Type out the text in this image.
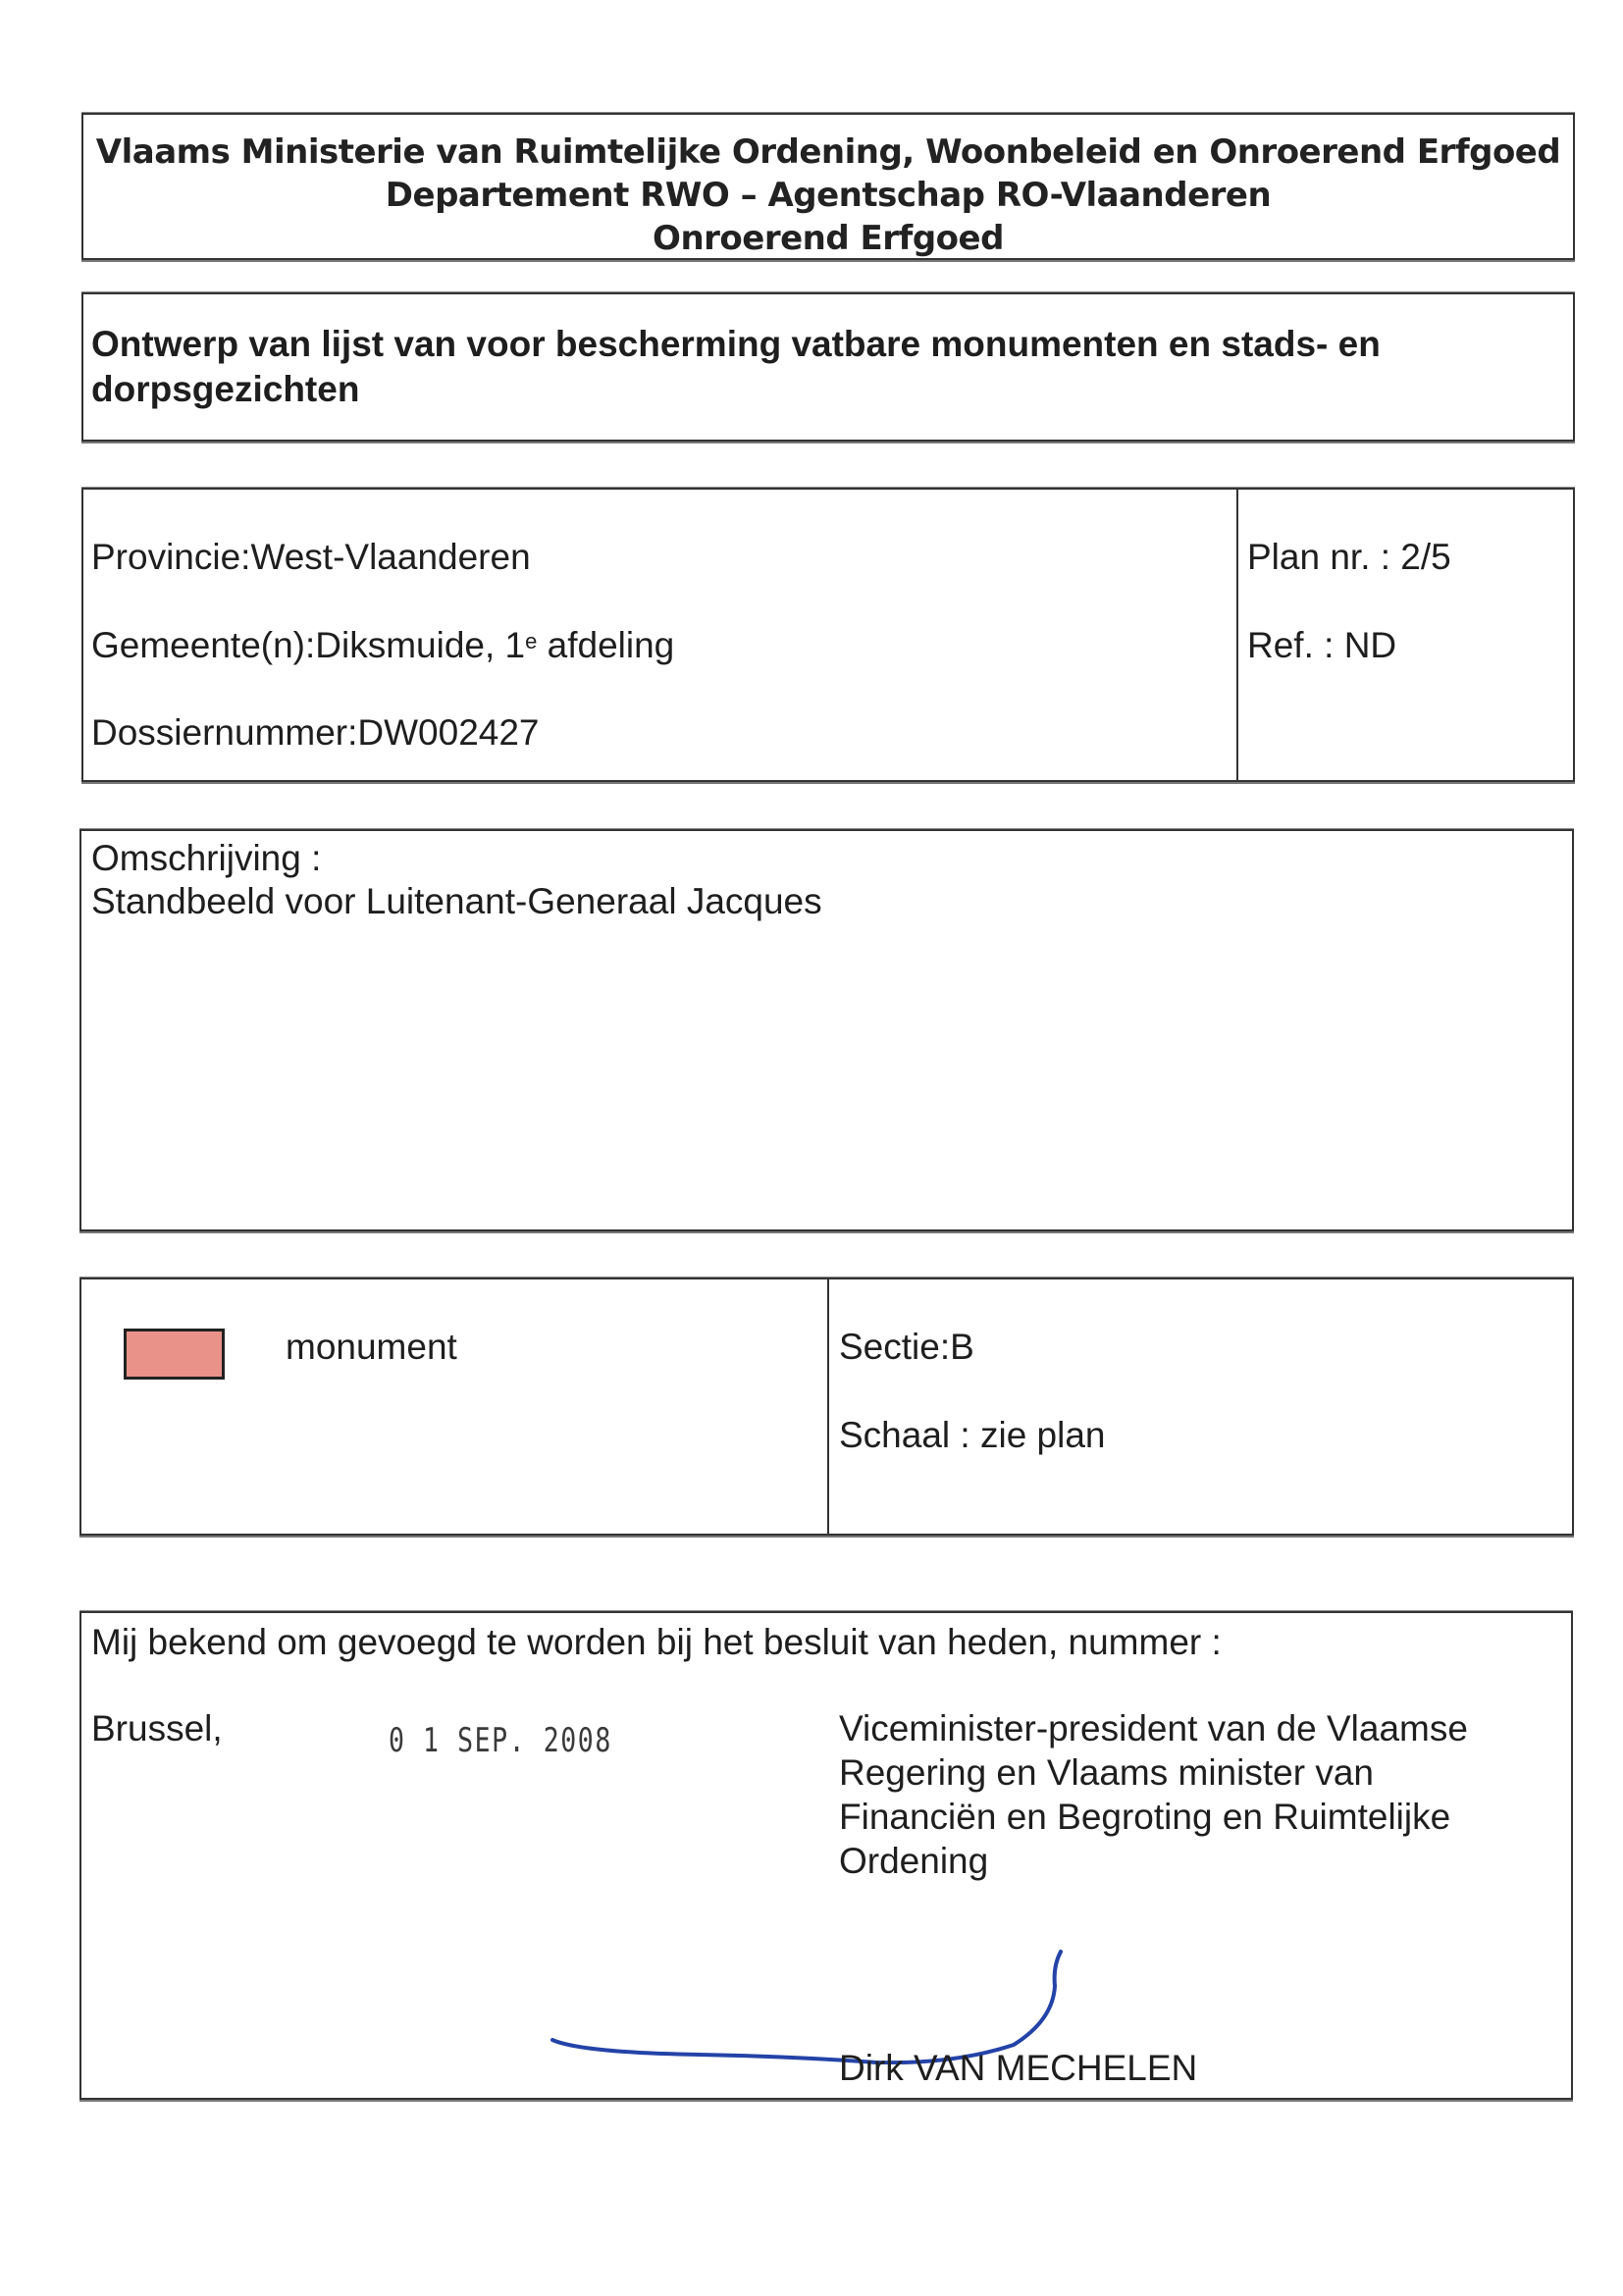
Vlaams Ministerie van Ruimtelijke Ordening, Woonbeleid en Onroerend Erfgoed
Departement RWO – Agentschap RO-Vlaanderen
Onroerend Erfgoed
Ontwerp van lijst van voor bescherming vatbare monumenten en stads- en
dorpsgezichten
Provincie:West-Vlaanderen
Gemeente(n):Diksmuide, 1e afdeling
Dossiernummer:DW002427
Plan nr. : 2/5
Ref. : ND
Omschrijving :
Standbeeld voor Luitenant-Generaal Jacques
monument	Sectie:B
Schaal : zie plan
Mij bekend om gevoegd te worden bij het besluit van heden, nummer :
Brussel,	0 1 SEP. 2008	Viceminister-president van de Vlaamse
Regering en Vlaams minister van
Financiën en Begroting en Ruimtelijke
Ordening
Dirk VAN MECHELEN
